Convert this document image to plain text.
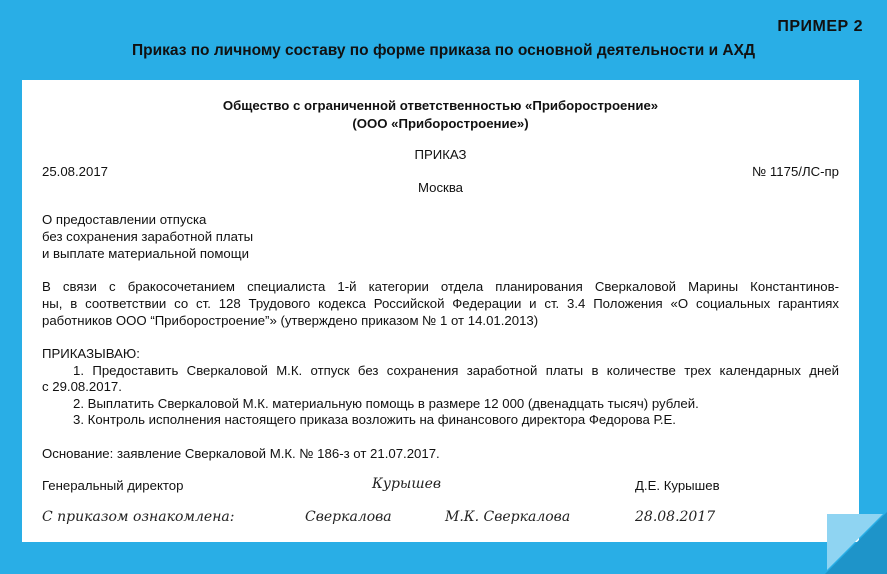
ПРИМЕР 2
Приказ по личному составу по форме приказа по основной деятельности и АХД
Общество с ограниченной ответственностью «Приборостроение»
(ООО «Приборостроение»)
ПРИКАЗ
25.08.2017	№ 1175/ЛС-пр
Москва
О предоставлении отпуска
без сохранения заработной платы
и выплате материальной помощи
В связи с бракосочетанием специалиста 1-й категории отдела планирования Сверкаловой Марины Константинов-
ны, в соответствии со ст. 128 Трудового кодекса Российской Федерации и ст. 3.4 Положения «О социальных гарантиях
работников ООО “Приборостроение”» (утверждено приказом № 1 от 14.01.2013)
ПРИКАЗЫВАЮ:
1. Предоставить Сверкаловой М.К. отпуск без сохранения заработной платы в количестве трех календарных дней
с 29.08.2017.
2. Выплатить Сверкаловой М.К. материальную помощь в размере 12 000 (двенадцать тысяч) рублей.
3. Контроль исполнения настоящего приказа возложить на финансового директора Федорова Р.Е.
Основание: заявление Сверкаловой М.К. № 186-з от 21.07.2017.
Генеральный директор	Курышев	Д.Е. Курышев
С приказом ознакомлена:	Сверкалова	М.К. Сверкалова	28.08.2017
